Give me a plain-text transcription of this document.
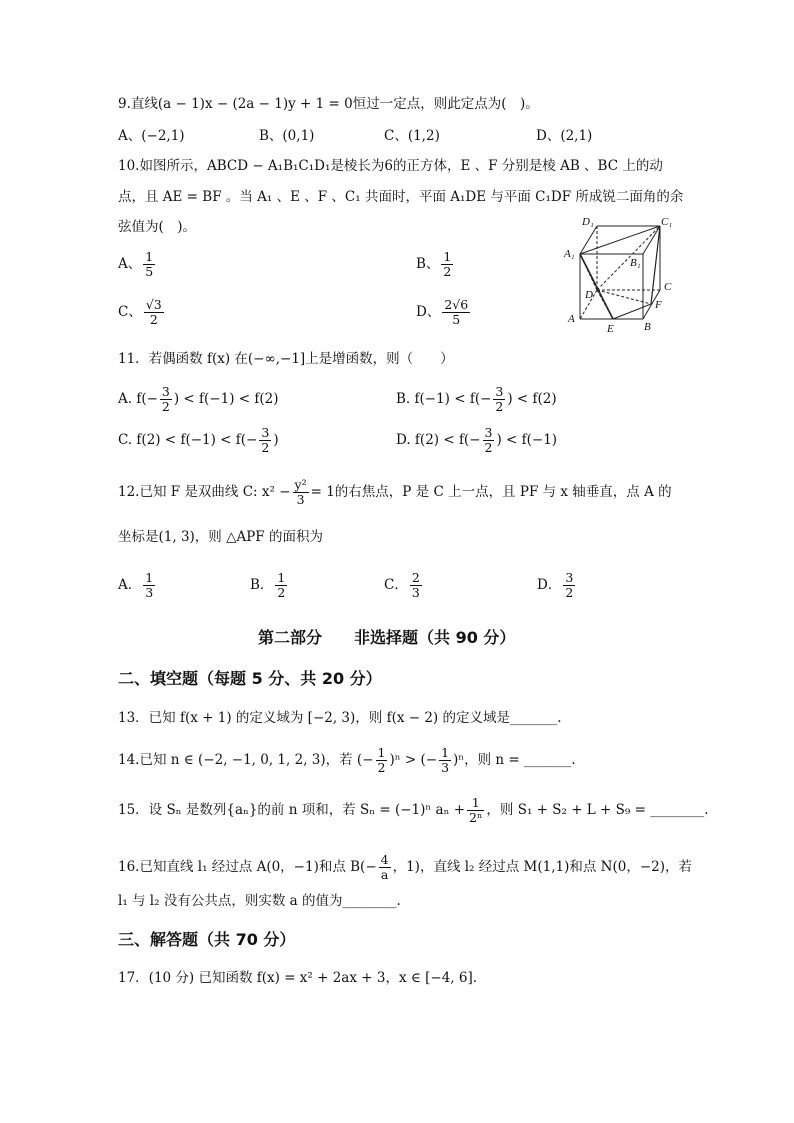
9.直线(a − 1)x − (2a − 1)y + 1 = 0恒过一定点，则此定点为(　)。
A、(−2,1)	B、(0,1)	C、(1,2)	D、(2,1)
10.如图所示，ABCD − A₁B₁C₁D₁是棱长为6的正方体，E 、F 分别是棱 AB 、BC 上的动
点，且 AE = BF 。当 A₁ 、E 、F 、C₁ 共面时，平面 A₁DE 与平面 C₁DF 所成锐二面角的余
弦值为(　)。
A、 $\frac{1}{5}$	B、 $\frac{1}{2}$
C、 $\frac{√3}{2}$	D、 $\frac{2√6}{5}$
D₁	C₁
A₁
B₁
C
D
F
A
E	B
11．若偶函数 f(x) 在(−∞,−1]上是增函数，则（　　）
A. $f(- \frac{3}{2}$ ) < f(−1) < f(2)	B. $f(-1) < f(- \frac{3}{2}$ ) < f(2)
C. $f(2) < f(-1) < f(- \frac{3}{2}$ )	D. $f(2) < f(- \frac{3}{2}$ ) < f(−1)
12.已知 F 是双曲线 C: $x^2 - \frac{\text{y²}}{3} = 1$的右焦点，P 是 C 上一点，且 PF 与 x 轴垂直，点 A 的
坐标是(1, 3)，则 △APF 的面积为
A． $\frac{1}{3}$	B． $\frac{1}{2}$	C． $\frac{2}{3}$	D． $\frac{3}{2}$
第二部分　　非选择题（共 90 分）
二、填空题（每题 5 分、共 20 分）
13．已知 f(x + 1) 的定义域为 [−2, 3)，则 f(x − 2) 的定义域是_______.
14.已知 n ∈ (−2, −1, 0, 1, 2, 3)，若 (− $\frac{1}{2} )^n$ > (− $\frac{1}{3} )^n$，则 n = _______.
15．设 Sₙ 是数列{aₙ}的前 n 项和，若 Sₙ = (−1)ⁿ $a_n + \frac{1}{\text{2ⁿ}}$ ，则 S₁ + S₂ + L + S₉ = ________.
16.已知直线 l₁ 经过点 A(0，−1)和点 $B(- \frac{4}{a}$ ，1)，直线 l₂ 经过点 M(1,1)和点 N(0，−2)，若
l₁ 与 l₂ 没有公共点，则实数 a 的值为________.
三、解答题（共 70 分）
17．(10 分) 已知函数 f(x) = x² + 2ax + 3，x ∈ [−4, 6].
